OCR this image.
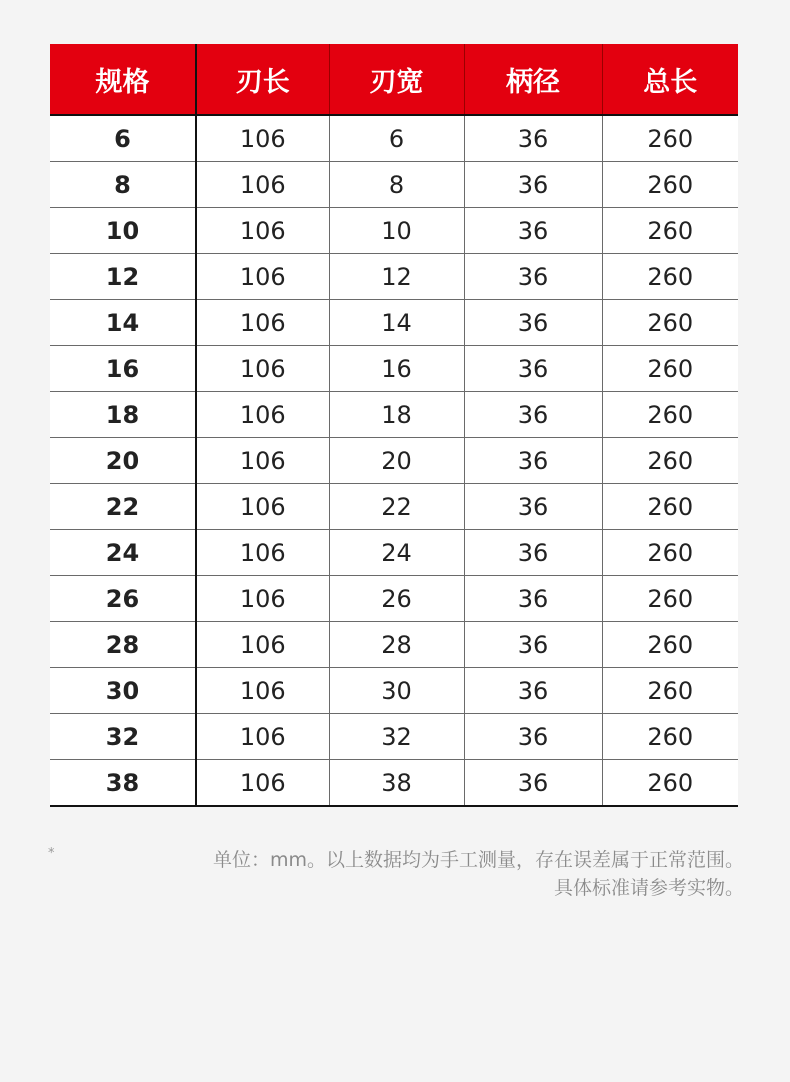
规格	刃长	刃宽	柄径	总长
6	106	6	36	260
8	106	8	36	260
10	106	10	36	260
12	106	12	36	260
14	106	14	36	260
16	106	16	36	260
18	106	18	36	260
20	106	20	36	260
22	106	22	36	260
24	106	24	36	260
26	106	26	36	260
28	106	28	36	260
30	106	30	36	260
32	106	32	36	260
38	106	38	36	260
*	单位：mm。以上数据均为手工测量，存在误差属于正常范围。
具体标准请参考实物。
